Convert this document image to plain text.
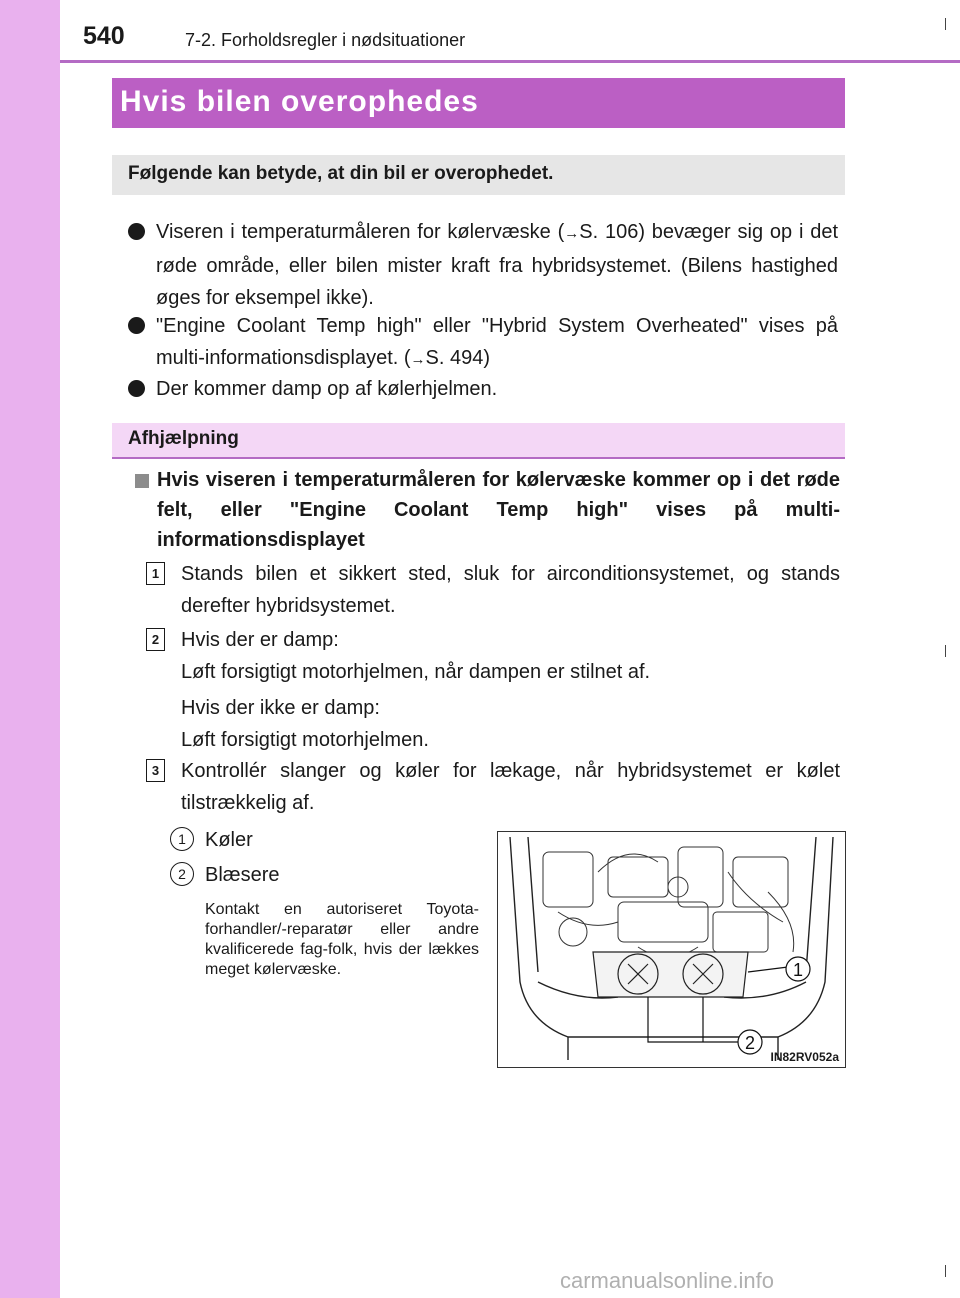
540	7-2. Forholdsregler i nødsituationer
Hvis bilen overophedes
Følgende kan betyde, at din bil er overophedet.
Viseren i temperaturmåleren for kølervæske (→S. 106) bevæger sig op i det røde område, eller bilen mister kraft fra hybridsystemet. (Bilens hastighed øges for eksempel ikke).
"Engine Coolant Temp high" eller "Hybrid System Overheated" vises på multi-informationsdisplayet. (→S. 494)
Der kommer damp op af kølerhjelmen.
Afhjælpning
Hvis viseren i temperaturmåleren for kølervæske kommer op i det røde felt, eller "Engine Coolant Temp high" vises på multi-informationsdisplayet
1 Stands bilen et sikkert sted, sluk for airconditionsystemet, og stands derefter hybridsystemet.
2 Hvis der er damp:
Løft forsigtigt motorhjelmen, når dampen er stilnet af.
Hvis der ikke er damp:
Løft forsigtigt motorhjelmen.
3 Kontrollér slanger og køler for lækage, når hybridsystemet er kølet tilstrækkelig af.
1 Køler
2 Blæsere
Kontakt en autoriseret Toyota-forhandler/-reparatør eller andre kvalificerede fag-folk, hvis der lækkes meget kølervæske.	1
2
IN82RV052a
carmanualsonline.info
